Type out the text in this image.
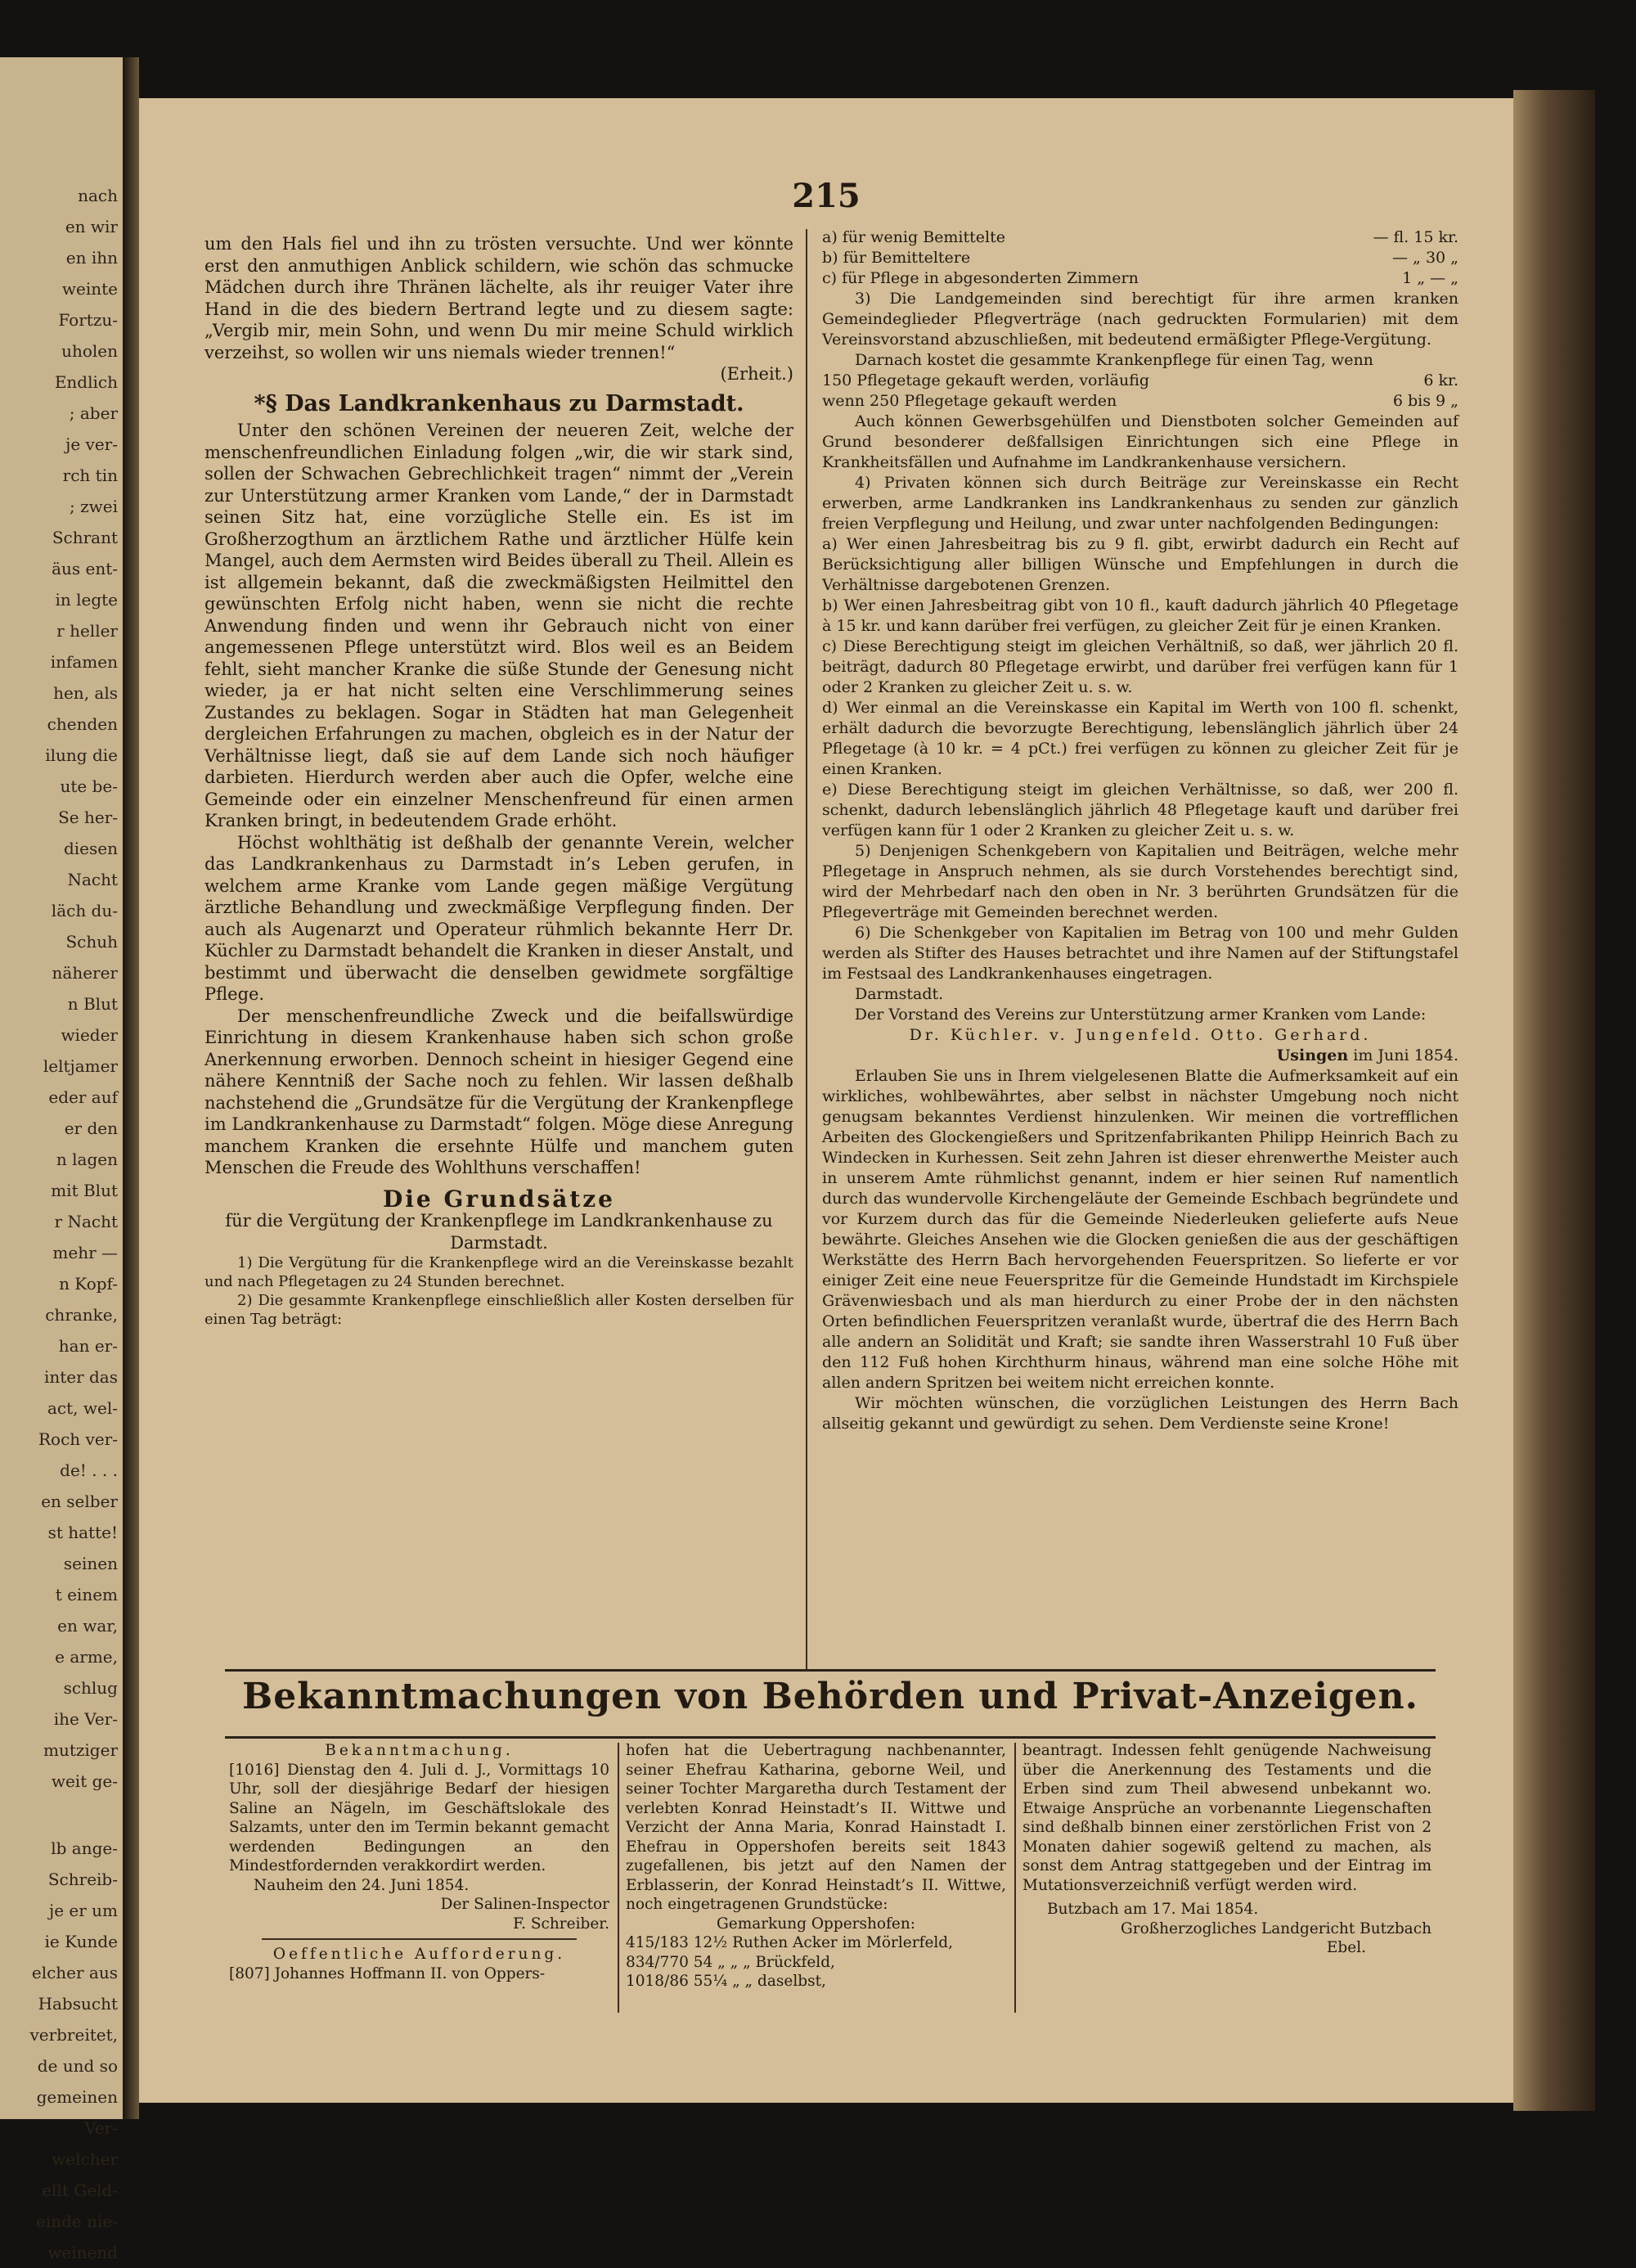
nach
en wir
en ihn
weinte
Fortzu-
uholen
Endlich
; aber
je ver-
rch tin
; zwei
Schrant
äus ent-
in legte
r heller
infamen
hen, als
chenden
ilung die
ute be-
Se her-
diesen
Nacht
läch du-
Schuh
näherer
n Blut
wieder
leltjamer
eder auf
er den
n lagen
mit Blut
r Nacht
mehr —
n Kopf-
chranke,
han er-
inter das
act, wel-
Roch ver-
de! . . .
en selber
st hatte!
seinen
t einem
en war,
e arme,
schlug
ihe Ver-
mutziger
weit ge-
lb ange-
Schreib-
je er um
ie Kunde
elcher aus
Habsucht
verbreitet,
de und so
gemeinen
Ver-
welcher
ellt Geld-
einde nie-
weinend
215

um den Hals fiel und ihn zu trösten versuchte. Und wer könnte erst den anmuthigen Anblick schildern, wie schön das schmucke Mädchen durch ihre Thränen lächelte, als ihr reuiger Vater ihre Hand in die des biedern Bertrand legte und zu diesem sagte: „Vergib mir, mein Sohn, und wenn Du mir meine Schuld wirklich verzeihst, so wollen wir uns niemals wieder trennen!“

(Erheit.)

*§ Das Landkrankenhaus zu Darmstadt.

Unter den schönen Vereinen der neueren Zeit, welche der menschenfreundlichen Einladung folgen „wir, die wir stark sind, sollen der Schwachen Gebrechlichkeit tragen“ nimmt der „Verein zur Unterstützung armer Kranken vom Lande,“ der in Darmstadt seinen Sitz hat, eine vorzügliche Stelle ein. Es ist im Großherzogthum an ärztlichem Rathe und ärztlicher Hülfe kein Mangel, auch dem Aermsten wird Beides überall zu Theil. Allein es ist allgemein bekannt, daß die zweckmäßigsten Heilmittel den gewünschten Erfolg nicht haben, wenn sie nicht die rechte Anwendung finden und wenn ihr Gebrauch nicht von einer angemessenen Pflege unterstützt wird. Blos weil es an Beidem fehlt, sieht mancher Kranke die süße Stunde der Genesung nicht wieder, ja er hat nicht selten eine Verschlimmerung seines Zustandes zu beklagen. Sogar in Städten hat man Gelegenheit dergleichen Erfahrungen zu machen, obgleich es in der Natur der Verhältnisse liegt, daß sie auf dem Lande sich noch häufiger darbieten. Hierdurch werden aber auch die Opfer, welche eine Gemeinde oder ein einzelner Menschenfreund für einen armen Kranken bringt, in bedeutendem Grade erhöht.

Höchst wohlthätig ist deßhalb der genannte Verein, welcher das Landkrankenhaus zu Darmstadt in’s Leben gerufen, in welchem arme Kranke vom Lande gegen mäßige Vergütung ärztliche Behandlung und zweckmäßige Verpflegung finden. Der auch als Augenarzt und Operateur rühmlich bekannte Herr Dr. Küchler zu Darmstadt behandelt die Kranken in dieser Anstalt, und bestimmt und überwacht die denselben gewidmete sorgfältige Pflege.

Der menschenfreundliche Zweck und die beifallswürdige Einrichtung in diesem Krankenhause haben sich schon große Anerkennung erworben. Dennoch scheint in hiesiger Gegend eine nähere Kenntniß der Sache noch zu fehlen. Wir lassen deßhalb nachstehend die „Grundsätze für die Vergütung der Krankenpflege im Landkrankenhause zu Darmstadt“ folgen. Möge diese Anregung manchem Kranken die ersehnte Hülfe und manchem guten Menschen die Freude des Wohlthuns verschaffen!

Die Grundsätze

für die Vergütung der Krankenpflege im Landkrankenhause zu Darmstadt.

1) Die Vergütung für die Krankenpflege wird an die Vereinskasse bezahlt und nach Pflegetagen zu 24 Stunden berechnet.

2) Die gesammte Krankenpflege einschließlich aller Kosten derselben für einen Tag beträgt:

a) für wenig Bemittelte	— fl. 15 kr.
b) für Bemitteltere	— „ 30 „
c) für Pflege in abgesonderten Zimmern	1 „ — „

3) Die Landgemeinden sind berechtigt für ihre armen kranken Gemeindeglieder Pflegverträge (nach gedruckten Formularien) mit dem Vereinsvorstand abzuschließen, mit bedeutend ermäßigter Pflege-Vergütung.

Darnach kostet die gesammte Krankenpflege für einen Tag, wenn

150 Pflegetage gekauft werden, vorläufig	6 kr.
wenn 250 Pflegetage gekauft werden	6 bis 9 „

Auch können Gewerbsgehülfen und Dienstboten solcher Gemeinden auf Grund besonderer deßfallsigen Einrichtungen sich eine Pflege in Krankheitsfällen und Aufnahme im Landkrankenhause versichern.

4) Privaten können sich durch Beiträge zur Vereinskasse ein Recht erwerben, arme Landkranken ins Landkrankenhaus zu senden zur gänzlich freien Verpflegung und Heilung, und zwar unter nachfolgenden Bedingungen:

a) Wer einen Jahresbeitrag bis zu 9 fl. gibt, erwirbt dadurch ein Recht auf Berücksichtigung aller billigen Wünsche und Empfehlungen in durch die Verhältnisse dargebotenen Grenzen.

b) Wer einen Jahresbeitrag gibt von 10 fl., kauft dadurch jährlich 40 Pflegetage à 15 kr. und kann darüber frei verfügen, zu gleicher Zeit für je einen Kranken.

c) Diese Berechtigung steigt im gleichen Verhältniß, so daß, wer jährlich 20 fl. beiträgt, dadurch 80 Pflegetage erwirbt, und darüber frei verfügen kann für 1 oder 2 Kranken zu gleicher Zeit u. s. w.

d) Wer einmal an die Vereinskasse ein Kapital im Werth von 100 fl. schenkt, erhält dadurch die bevorzugte Berechtigung, lebenslänglich jährlich über 24 Pflegetage (à 10 kr. = 4 pCt.) frei verfügen zu können zu gleicher Zeit für je einen Kranken.

e) Diese Berechtigung steigt im gleichen Verhältnisse, so daß, wer 200 fl. schenkt, dadurch lebenslänglich jährlich 48 Pflegetage kauft und darüber frei verfügen kann für 1 oder 2 Kranken zu gleicher Zeit u. s. w.

5) Denjenigen Schenkgebern von Kapitalien und Beiträgen, welche mehr Pflegetage in Anspruch nehmen, als sie durch Vorstehendes berechtigt sind, wird der Mehrbedarf nach den oben in Nr. 3 berührten Grundsätzen für die Pflegeverträge mit Gemeinden berechnet werden.

6) Die Schenkgeber von Kapitalien im Betrag von 100 und mehr Gulden werden als Stifter des Hauses betrachtet und ihre Namen auf der Stiftungstafel im Festsaal des Landkrankenhauses eingetragen.

Darmstadt.

Der Vorstand des Vereins zur Unterstützung armer Kranken vom Lande:

Dr. Küchler. v. Jungenfeld. Otto. Gerhard.

Usingen im Juni 1854.

Erlauben Sie uns in Ihrem vielgelesenen Blatte die Aufmerksamkeit auf ein wirkliches, wohlbewährtes, aber selbst in nächster Umgebung noch nicht genugsam bekanntes Verdienst hinzulenken. Wir meinen die vortrefflichen Arbeiten des Glockengießers und Spritzenfabrikanten Philipp Heinrich Bach zu Windecken in Kurhessen. Seit zehn Jahren ist dieser ehrenwerthe Meister auch in unserem Amte rühmlichst genannt, indem er hier seinen Ruf namentlich durch das wundervolle Kirchengeläute der Gemeinde Eschbach begründete und vor Kurzem durch das für die Gemeinde Niederleuken gelieferte aufs Neue bewährte. Gleiches Ansehen wie die Glocken genießen die aus der geschäftigen Werkstätte des Herrn Bach hervorgehenden Feuerspritzen. So lieferte er vor einiger Zeit eine neue Feuerspritze für die Gemeinde Hundstadt im Kirchspiele Grävenwiesbach und als man hierdurch zu einer Probe der in den nächsten Orten befindlichen Feuerspritzen veranlaßt wurde, übertraf die des Herrn Bach alle andern an Solidität und Kraft; sie sandte ihren Wasserstrahl 10 Fuß über den 112 Fuß hohen Kirchthurm hinaus, während man eine solche Höhe mit allen andern Spritzen bei weitem nicht erreichen konnte.

Wir möchten wünschen, die vorzüglichen Leistungen des Herrn Bach allseitig gekannt und gewürdigt zu sehen. Dem Verdienste seine Krone!

Bekanntmachungen von Behörden und Privat-Anzeigen.

Bekanntmachung.

[1016] Dienstag den 4. Juli d. J., Vormittags 10 Uhr, soll der diesjährige Bedarf der hiesigen Saline an Nägeln, im Geschäftslokale des Salzamts, unter den im Termin bekannt gemacht werdenden Bedingungen an den Mindestfordernden verakkordirt werden.

Nauheim den 24. Juni 1854.

Der Salinen-Inspector

F. Schreiber.

Oeffentliche Aufforderung.

[807] Johannes Hoffmann II. von Oppers-

hofen hat die Uebertragung nachbenannter, seiner Ehefrau Katharina, geborne Weil, und seiner Tochter Margaretha durch Testament der verlebten Konrad Heinstadt’s II. Wittwe und Verzicht der Anna Maria, Konrad Hainstadt I. Ehefrau in Oppershofen bereits seit 1843 zugefallenen, bis jetzt auf den Namen der Erblasserin, der Konrad Heinstadt’s II. Wittwe, noch eingetragenen Grundstücke:

Gemarkung Oppershofen:

415/183 12½ Ruthen Acker im Mörlerfeld,

834/770 54 „ „ „ Brückfeld,

1018/86 55¼ „ „ daselbst,

beantragt. Indessen fehlt genügende Nachweisung über die Anerkennung des Testaments und die Erben sind zum Theil abwesend unbekannt wo. Etwaige Ansprüche an vorbenannte Liegenschaften sind deßhalb binnen einer zerstörlichen Frist von 2 Monaten dahier sogewiß geltend zu machen, als sonst dem Antrag stattgegeben und der Eintrag im Mutationsverzeichniß verfügt werden wird.

Butzbach am 17. Mai 1854.

Großherzogliches Landgericht Butzbach

Ebel.
